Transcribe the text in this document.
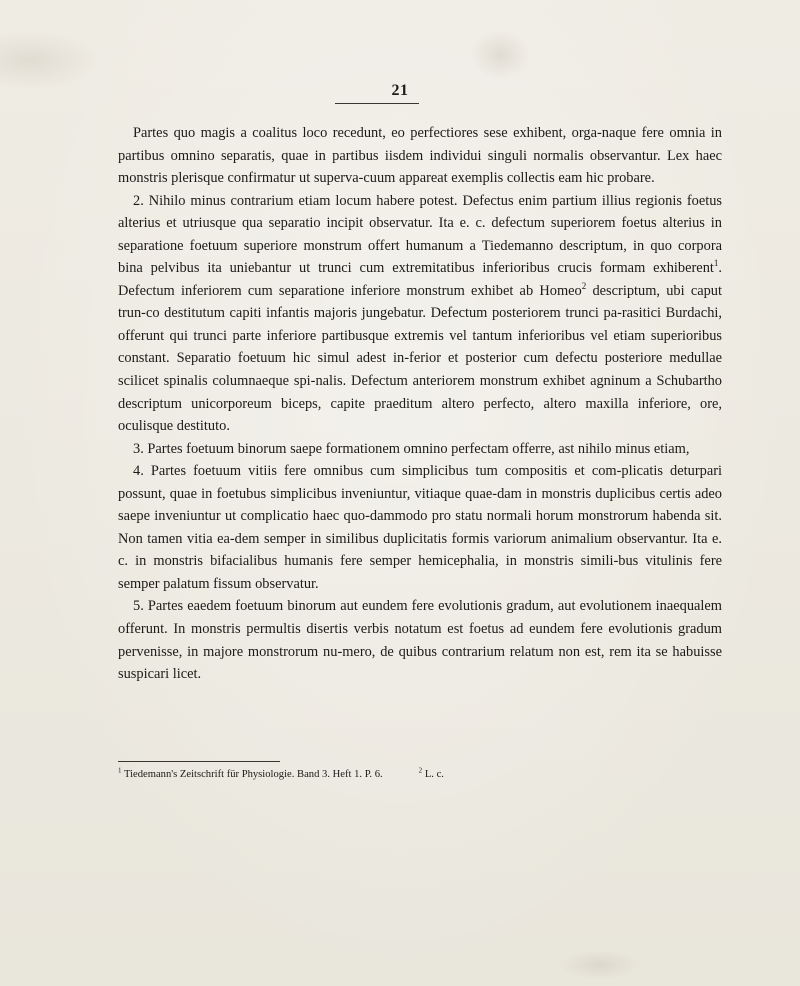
21

Partes quo magis a coalitus loco recedunt, eo perfectiores sese exhibent, orga-naque fere omnia in partibus omnino separatis, quae in partibus iisdem individui singuli normalis observantur. Lex haec monstris plerisque confirmatur ut superva-cuum appareat exemplis collectis eam hic probare.

2. Nihilo minus contrarium etiam locum habere potest. Defectus enim partium illius regionis foetus alterius et utriusque qua separatio incipit observatur. Ita e. c. defectum superiorem foetus alterius in separatione foetuum superiore monstrum offert humanum a Tiedemanno descriptum, in quo corpora bina pelvibus ita uniebantur ut trunci cum extremitatibus inferioribus crucis formam exhiberent$^1$. Defectum inferiorem cum separatione inferiore monstrum exhibet ab Homeo$^2$ descriptum, ubi caput trun-co destitutum capiti infantis majoris jungebatur. Defectum posteriorem trunci pa-rasitici Burdachi, offerunt qui trunci parte inferiore partibusque extremis vel tantum inferioribus vel etiam superioribus constant. Separatio foetuum hic simul adest in-ferior et posterior cum defectu posteriore medullae scilicet spinalis columnaeque spi-nalis. Defectum anteriorem monstrum exhibet agninum a Schubartho descriptum unicorporeum biceps, capite praeditum altero perfecto, altero maxilla inferiore, ore, oculisque destituto.

3. Partes foetuum binorum saepe formationem omnino perfectam offerre, ast nihilo minus etiam,

4. Partes foetuum vitiis fere omnibus cum simplicibus tum compositis et com-plicatis deturpari possunt, quae in foetubus simplicibus inveniuntur, vitiaque quae-dam in monstris duplicibus certis adeo saepe inveniuntur ut complicatio haec quo-dammodo pro statu normali horum monstrorum habenda sit. Non tamen vitia ea-dem semper in similibus duplicitatis formis variorum animalium observantur. Ita e. c. in monstris bifacialibus humanis fere semper hemicephalia, in monstris simili-bus vitulinis fere semper palatum fissum observatur.

5. Partes eaedem foetuum binorum aut eundem fere evolutionis gradum, aut evolutionem inaequalem offerunt. In monstris permultis disertis verbis notatum est foetus ad eundem fere evolutionis gradum pervenisse, in majore monstrorum nu-mero, de quibus contrarium relatum non est, rem ita se habuisse suspicari licet.

$^1$ Tiedemann's Zeitschrift für Physiologie. Band 3. Heft 1. P. 6.	$^2$ L. c.
